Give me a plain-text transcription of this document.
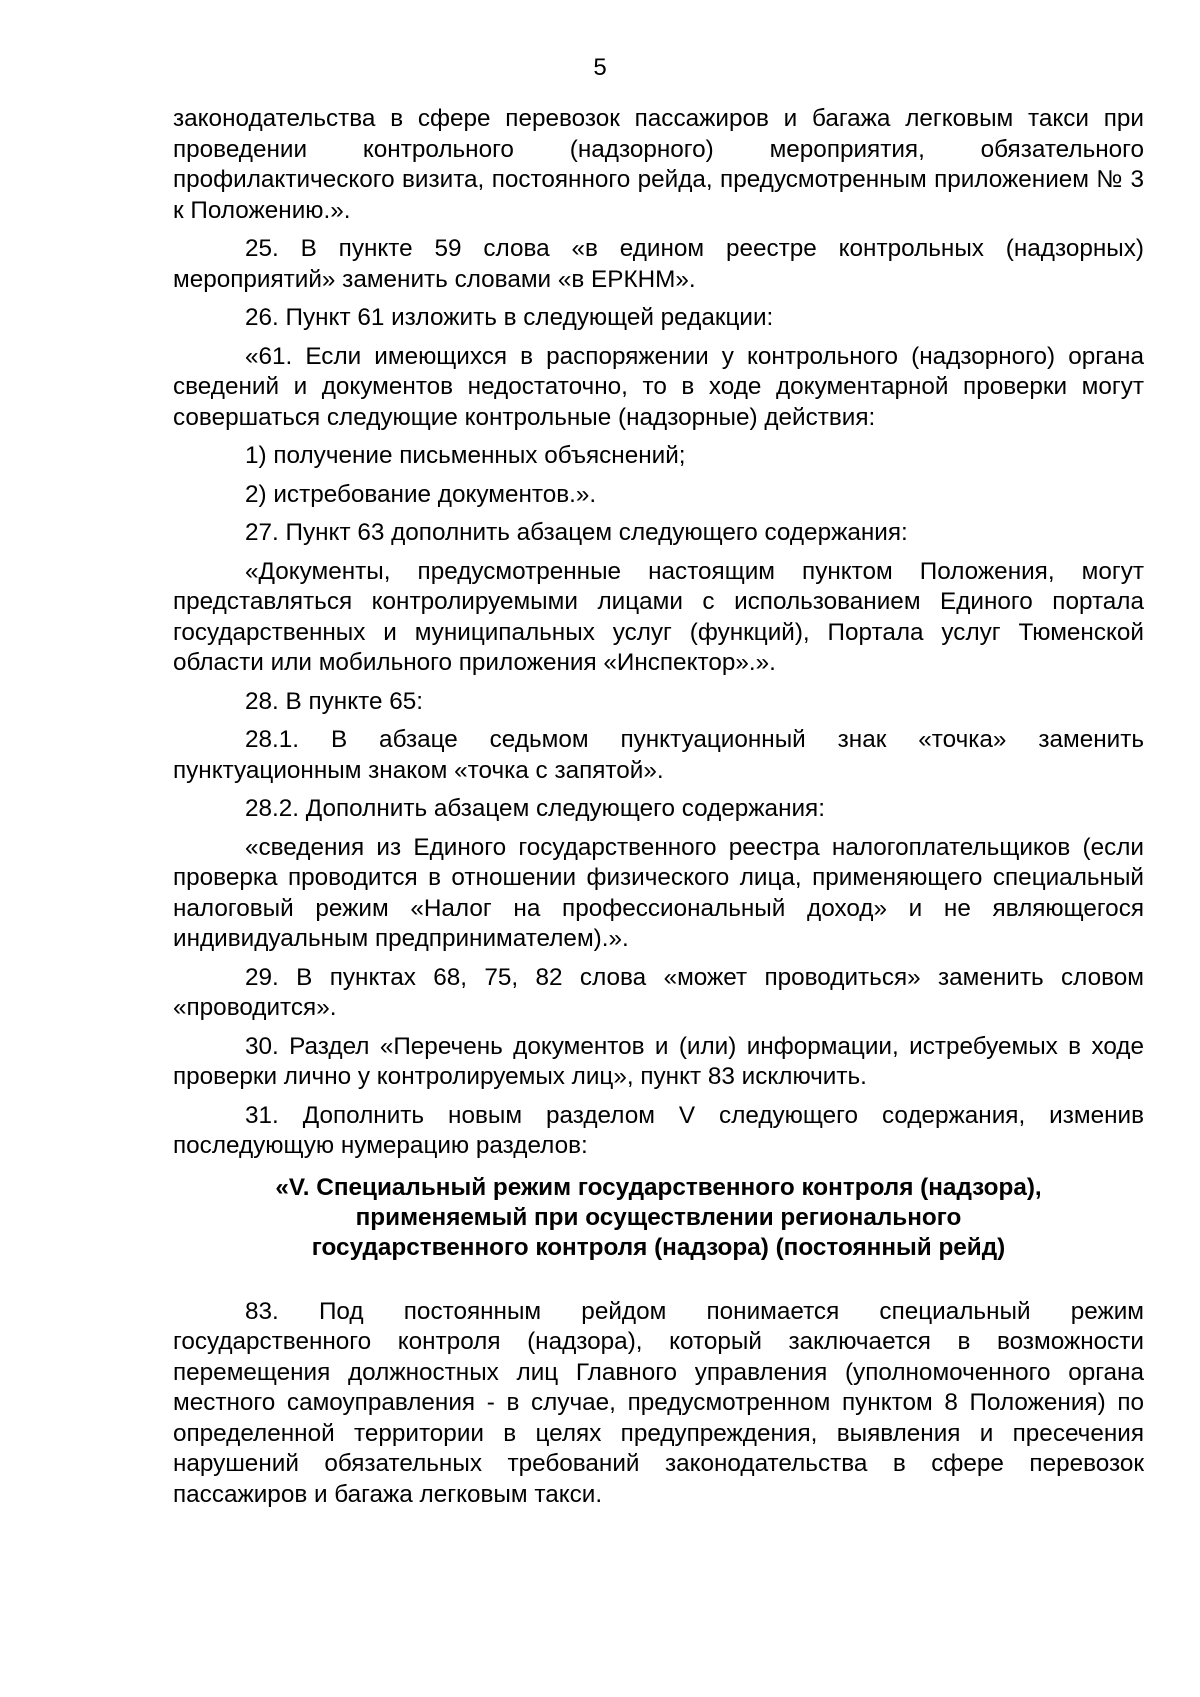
5

законодательства в сфере перевозок пассажиров и багажа легковым такси при проведении контрольного (надзорного) мероприятия, обязательного профилактического визита, постоянного рейда, предусмотренным приложением № 3 к Положению.».

25. В пункте 59 слова «в едином реестре контрольных (надзорных) мероприятий» заменить словами «в ЕРКНМ».

26. Пункт 61 изложить в следующей редакции:

«61. Если имеющихся в распоряжении у контрольного (надзорного) органа сведений и документов недостаточно, то в ходе документарной проверки могут совершаться следующие контрольные (надзорные) действия:

1) получение письменных объяснений;

2) истребование документов.».

27. Пункт 63 дополнить абзацем следующего содержания:

«Документы, предусмотренные настоящим пунктом Положения, могут представляться контролируемыми лицами с использованием Единого портала государственных и муниципальных услуг (функций), Портала услуг Тюменской области или мобильного приложения «Инспектор».».

28. В пункте 65:

28.1. В абзаце седьмом пунктуационный знак «точка» заменить пунктуационным знаком «точка с запятой».

28.2. Дополнить абзацем следующего содержания:

«сведения из Единого государственного реестра налогоплательщиков (если проверка проводится в отношении физического лица, применяющего специальный налоговый режим «Налог на профессиональный доход» и не являющегося индивидуальным предпринимателем).».

29. В пунктах 68, 75, 82 слова «может проводиться» заменить словом «проводится».

30. Раздел «Перечень документов и (или) информации, истребуемых в ходе проверки лично у контролируемых лиц», пункт 83 исключить.

31. Дополнить новым разделом V следующего содержания, изменив последующую нумерацию разделов:

«V. Специальный режим государственного контроля (надзора),
применяемый при осуществлении регионального
государственного контроля (надзора) (постоянный рейд)

83. Под постоянным рейдом понимается специальный режим государственного контроля (надзора), который заключается в возможности перемещения должностных лиц Главного управления (уполномоченного органа местного самоуправления - в случае, предусмотренном пунктом 8 Положения) по определенной территории в целях предупреждения, выявления и пресечения нарушений обязательных требований законодательства в сфере перевозок пассажиров и багажа легковым такси.
